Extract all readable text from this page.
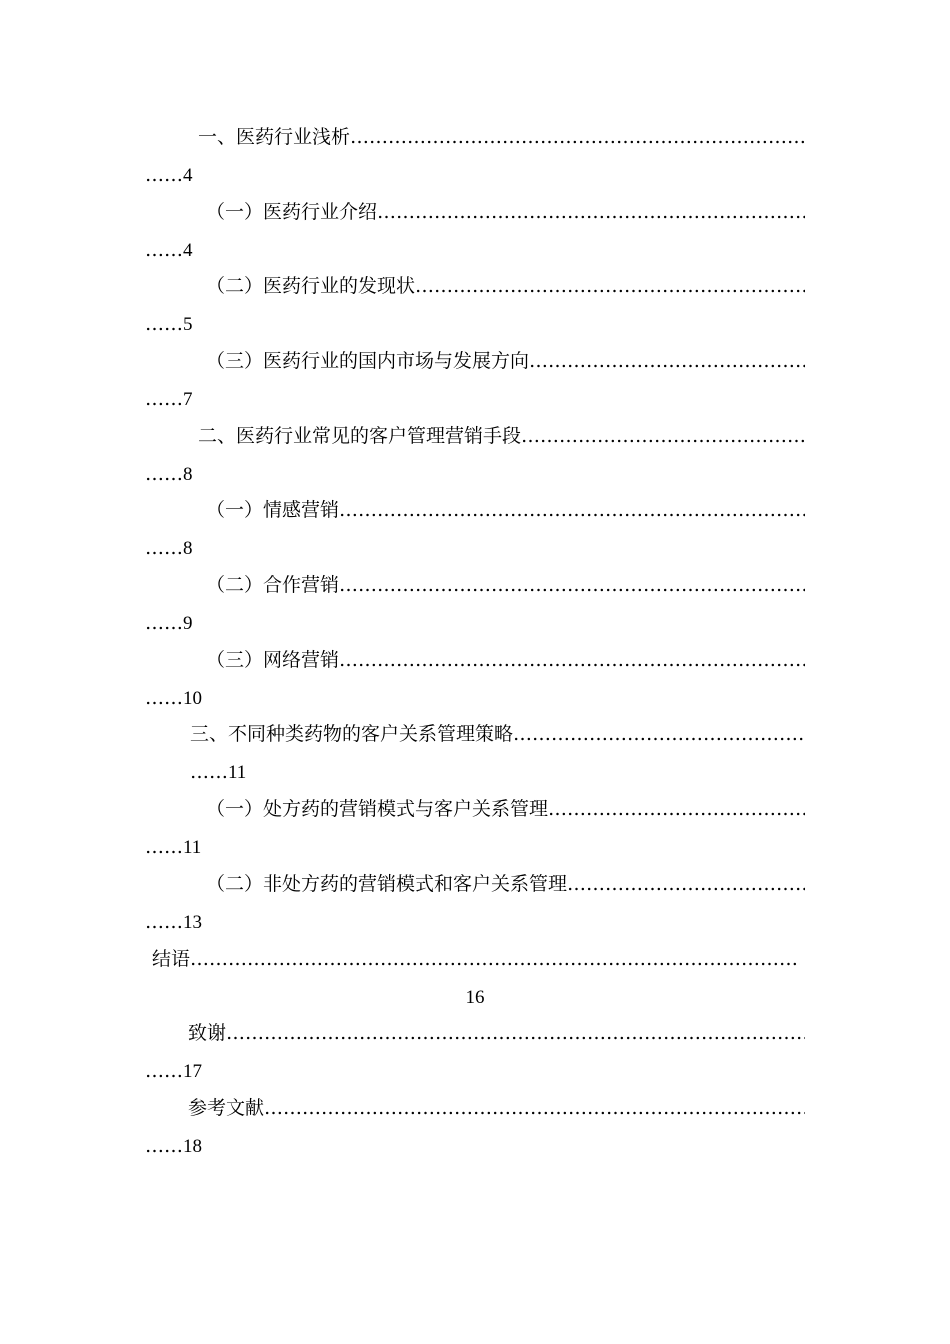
一、医药行业浅析
…………………………………………………………………………………………………………………………………………………………
……4
（一）医药行业介绍
…………………………………………………………………………………………………………………………………………………………
……4
（二）医药行业的发现状
…………………………………………………………………………………………………………………………………………………………
……5
（三）医药行业的国内市场与发展方向
…………………………………………………………………………………………………………………………………………………………
……7
二、医药行业常见的客户管理营销手段
…………………………………………………………………………………………………………………………………………………………
……8
（一）情感营销
…………………………………………………………………………………………………………………………………………………………
……8
（二）合作营销
…………………………………………………………………………………………………………………………………………………………
……9
（三）网络营销
…………………………………………………………………………………………………………………………………………………………
……10
三、不同种类药物的客户关系管理策略
…………………………………………………………………………………………………………………………………………………………
……11
（一）处方药的营销模式与客户关系管理
…………………………………………………………………………………………………………………………………………………………
……11
（二）非处方药的营销模式和客户关系管理
…………………………………………………………………………………………………………………………………………………………
……13
结语
…………………………………………………………………………………………………………………………………………………………
16
致谢
…………………………………………………………………………………………………………………………………………………………
……17
参考文献
…………………………………………………………………………………………………………………………………………………………
……18
